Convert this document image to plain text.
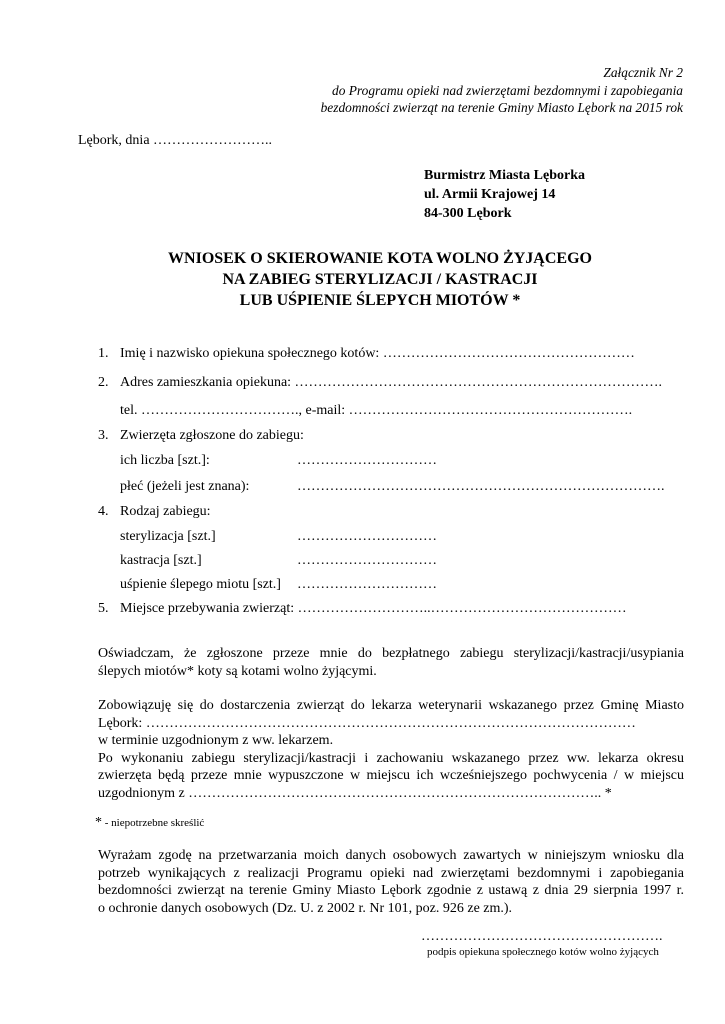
Załącznik Nr 2
do Programu opieki nad zwierzętami bezdomnymi i zapobiegania
bezdomności zwierząt na terenie Gminy Miasto Lębork na 2015 rok
Lębork, dnia ……………………..
Burmistrz Miasta Lęborka
ul. Armii Krajowej 14
84-300 Lębork
WNIOSEK O SKIEROWANIE KOTA WOLNO ŻYJĄCEGO
NA ZABIEG STERYLIZACJI / KASTRACJI
LUB UŚPIENIE ŚLEPYCH MIOTÓW *
1. Imię i nazwisko opiekuna społecznego kotów: ………………………………………………
2. Adres zamieszkania opiekuna: …………………………………………………………………….
tel. ……………………………., e-mail: …………………………………………………….
3. Zwierzęta zgłoszone do zabiegu:
ich liczba [szt.]:	…………………………
płeć (jeżeli jest znana):	…………………………………………………………………….
4. Rodzaj zabiegu:
sterylizacja [szt.]	…………………………
kastracja [szt.]	…………………………
uśpienie ślepego miotu [szt.] …………………………
5. Miejsce przebywania zwierząt: ………………………..……………………………………
Oświadczam, że zgłoszone przeze mnie do bezpłatnego zabiegu sterylizacji/kastracji/usypiania
ślepych miotów* koty są kotami wolno żyjącymi.
Zobowiązuję się do dostarczenia zwierząt do lekarza weterynarii wskazanego przez Gminę Miasto
Lębork: ……………………………………………………………………………………………
w terminie uzgodnionym z ww. lekarzem.
Po wykonaniu zabiegu sterylizacji/kastracji i zachowaniu wskazanego przez ww. lekarza okresu
zwierzęta będą przeze mnie wypuszczone w miejscu ich wcześniejszego pochwycenia / w miejscu
uzgodnionym z …………………………………………………………………………….. *
* - niepotrzebne skreślić
Wyrażam zgodę na przetwarzania moich danych osobowych zawartych w niniejszym wniosku dla
potrzeb wynikających z realizacji Programu opieki nad zwierzętami bezdomnymi i zapobiegania
bezdomności zwierząt na terenie Gminy Miasto Lębork zgodnie z ustawą z dnia 29 sierpnia 1997 r.
o ochronie danych osobowych (Dz. U. z 2002 r. Nr 101, poz. 926 ze zm.).
…………………………………………….
podpis opiekuna społecznego kotów wolno żyjących
